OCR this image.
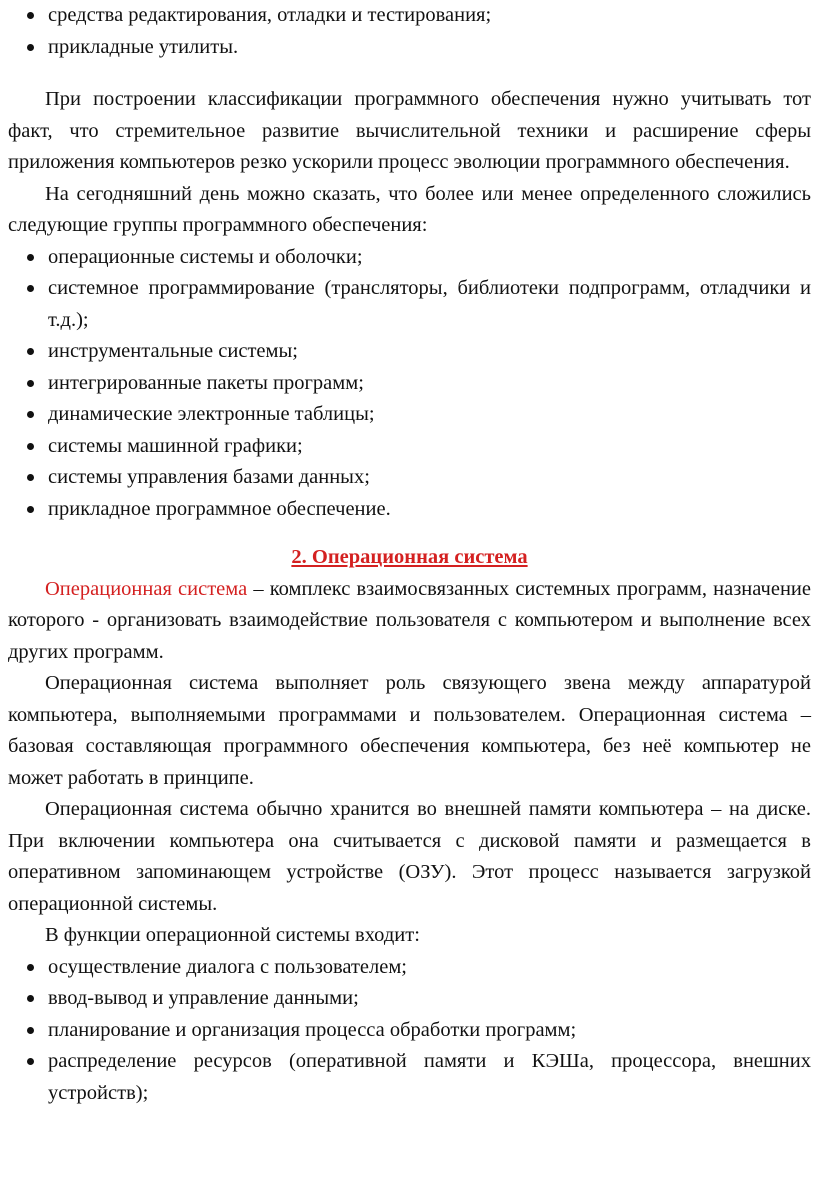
средства редактирования, отладки и тестирования;
прикладные утилиты.

При построении классификации программного обеспечения нужно учитывать тот факт, что стремительное развитие вычислительной техники и расширение сферы приложения компьютеров резко ускорили процесс эволюции программного обеспечения.

На сегодняшний день можно сказать, что более или менее определенного сложились следующие группы программного обеспечения:

операционные системы и оболочки;
системное программирование (трансляторы, библиотеки подпрограмм, отладчики и т.д.);
инструментальные системы;
интегрированные пакеты программ;
динамические электронные таблицы;
системы машинной графики;
системы управления базами данных;
прикладное программное обеспечение.
2. Операционная система

Операционная система – комплекс взаимосвязанных системных программ, назначение которого - организовать взаимодействие пользователя с компьютером и выполнение всех других программ.

Операционная система выполняет роль связующего звена между аппаратурой компьютера, выполняемыми программами и пользователем. Операционная система – базовая составляющая программного обеспечения компьютера, без неё компьютер не может работать в принципе.

Операционная система обычно хранится во внешней памяти компьютера – на диске. При включении компьютера она считывается с дисковой памяти и размещается в оперативном запоминающем устройстве (ОЗУ). Этот процесс называется загрузкой операционной системы.

В функции операционной системы входит:

осуществление диалога с пользователем;
ввод-вывод и управление данными;
планирование и организация процесса обработки программ;
распределение ресурсов (оперативной памяти и КЭШа, процессора, внешних устройств);
